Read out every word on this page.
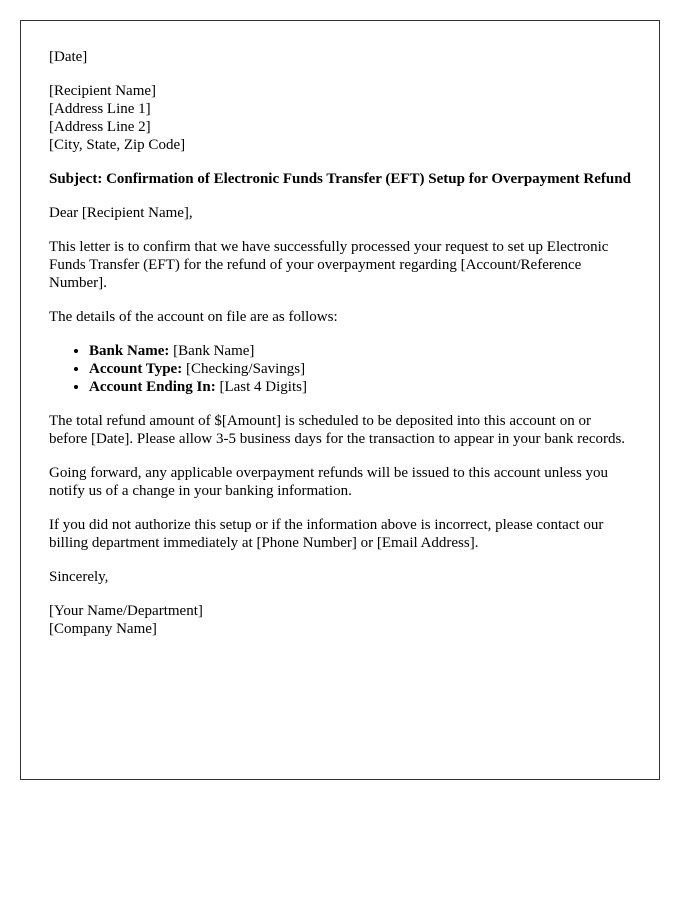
[Date]

[Recipient Name]
[Address Line 1]
[Address Line 2]
[City, State, Zip Code]

Subject: Confirmation of Electronic Funds Transfer (EFT) Setup for Overpayment Refund

Dear [Recipient Name],

This letter is to confirm that we have successfully processed your request to set up Electronic Funds Transfer (EFT) for the refund of your overpayment regarding [Account/Reference Number].

The details of the account on file are as follows:

• Bank Name: [Bank Name]
• Account Type: [Checking/Savings]
• Account Ending In: [Last 4 Digits]

The total refund amount of $[Amount] is scheduled to be deposited into this account on or before [Date]. Please allow 3-5 business days for the transaction to appear in your bank records.

Going forward, any applicable overpayment refunds will be issued to this account unless you notify us of a change in your banking information.

If you did not authorize this setup or if the information above is incorrect, please contact our billing department immediately at [Phone Number] or [Email Address].

Sincerely,

[Your Name/Department]
[Company Name]
